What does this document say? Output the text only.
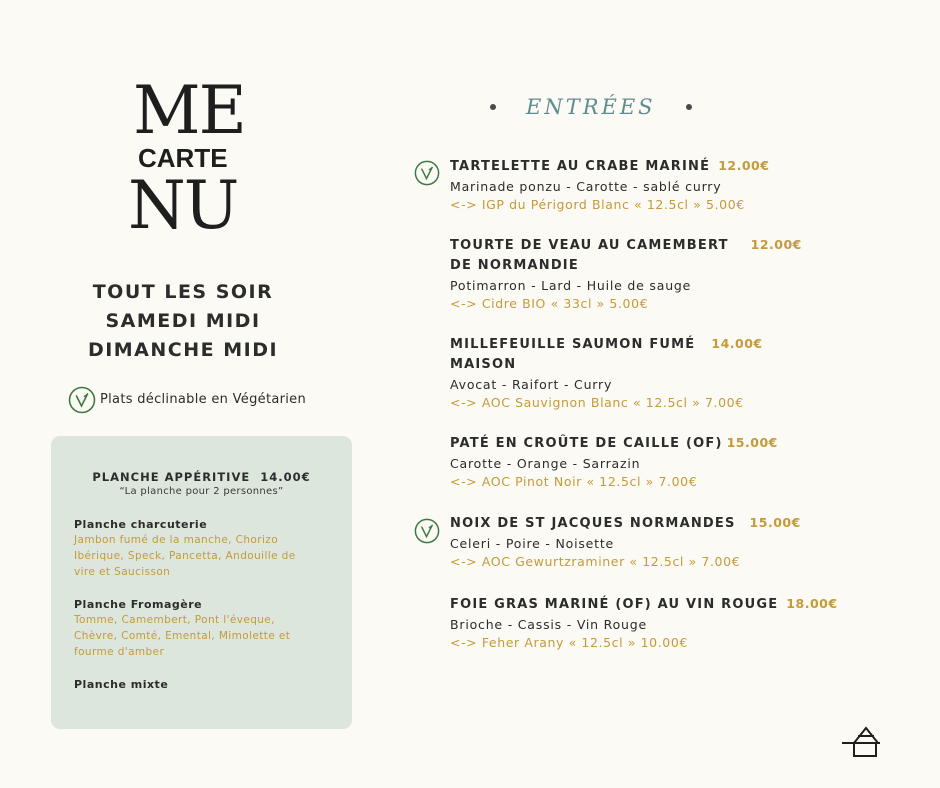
ME
CARTE
NU
TOUT LES SOIR
SAMEDI MIDI
DIMANCHE MIDI
Plats déclinable en Végétarien
PLANCHE APPÉRITIVE 14.00€
“La planche pour 2 personnes”
Planche charcuterie
Jambon fumé de la manche, Chorizo
Ibérique, Speck, Pancetta, Andouille de
vire et Saucisson
Planche Fromagère
Tomme, Camembert, Pont l'éveque,
Chèvre, Comté, Emental, Mimolette et
fourme d'amber
Planche mixte
ENTRÉES
TARTELETTE AU CRABE MARINÉ 12.00€
Marinade ponzu - Carotte - sablé curry
<-> IGP du Périgord Blanc « 12.5cl » 5.00€
TOURTE DE VEAU AU CAMEMBERT 12.00€
DE NORMANDIE
Potimarron - Lard - Huile de sauge
<-> Cidre BIO « 33cl » 5.00€
MILLEFEUILLE SAUMON FUMÉ 14.00€
MAISON
Avocat - Raifort - Curry
<-> AOC Sauvignon Blanc « 12.5cl » 7.00€
PATÉ EN CROÛTE DE CAILLE (OF) 15.00€
Carotte - Orange - Sarrazin
<-> AOC Pinot Noir « 12.5cl » 7.00€
NOIX DE ST JACQUES NORMANDES 15.00€
Celeri - Poire - Noisette
<-> AOC Gewurtzraminer « 12.5cl » 7.00€
FOIE GRAS MARINÉ (OF) AU VIN ROUGE 18.00€
Brioche - Cassis - Vin Rouge
<-> Feher Arany « 12.5cl » 10.00€
